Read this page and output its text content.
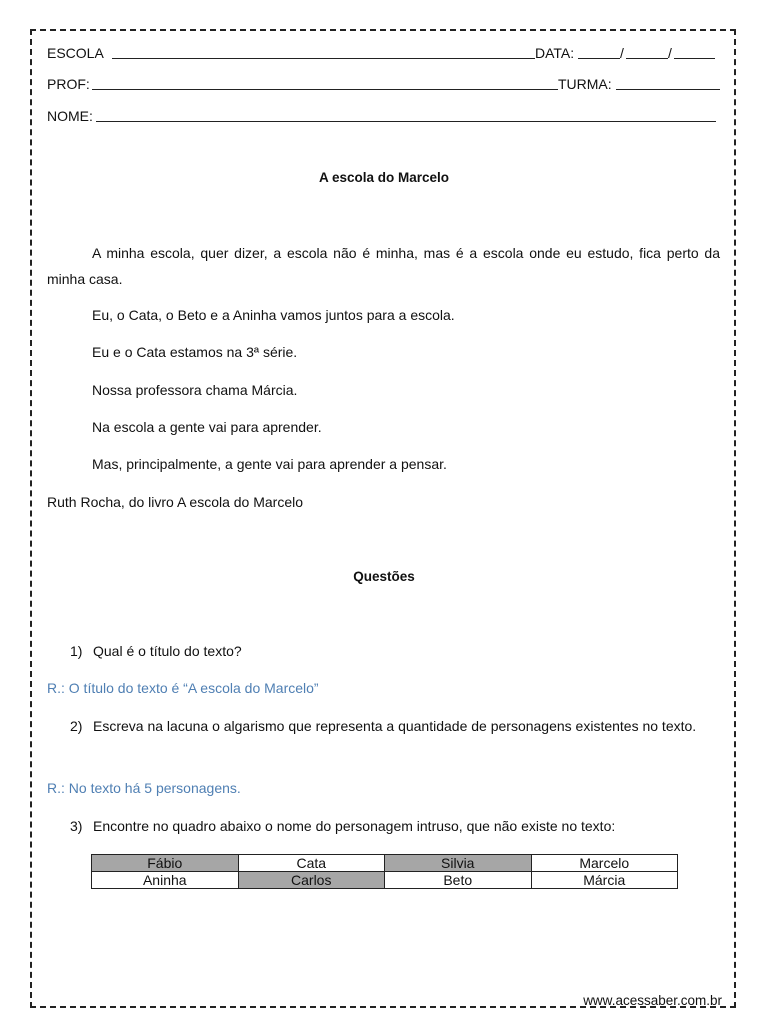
ESCOLA	DATA:	/	/
PROF:	TURMA:
NOME:
A escola do Marcelo
A minha escola, quer dizer, a escola não é minha, mas é a escola onde eu estudo, fica perto da minha casa.
Eu, o Cata, o Beto e a Aninha vamos juntos para a escola.
Eu e o Cata estamos na 3ª série.
Nossa professora chama Márcia.
Na escola a gente vai para aprender.
Mas, principalmente, a gente vai para aprender a pensar.
Ruth Rocha, do livro A escola do Marcelo
Questões
1) Qual é o título do texto?
R.: O título do texto é “A escola do Marcelo”
2) Escreva na lacuna o algarismo que representa a quantidade de personagens existentes no texto.
R.: No texto há 5 personagens.
3) Encontre no quadro abaixo o nome do personagem intruso, que não existe no texto:
Fábio	Cata	Silvia	Marcelo
Aninha	Carlos	Beto	Márcia
www.acessaber.com.br
